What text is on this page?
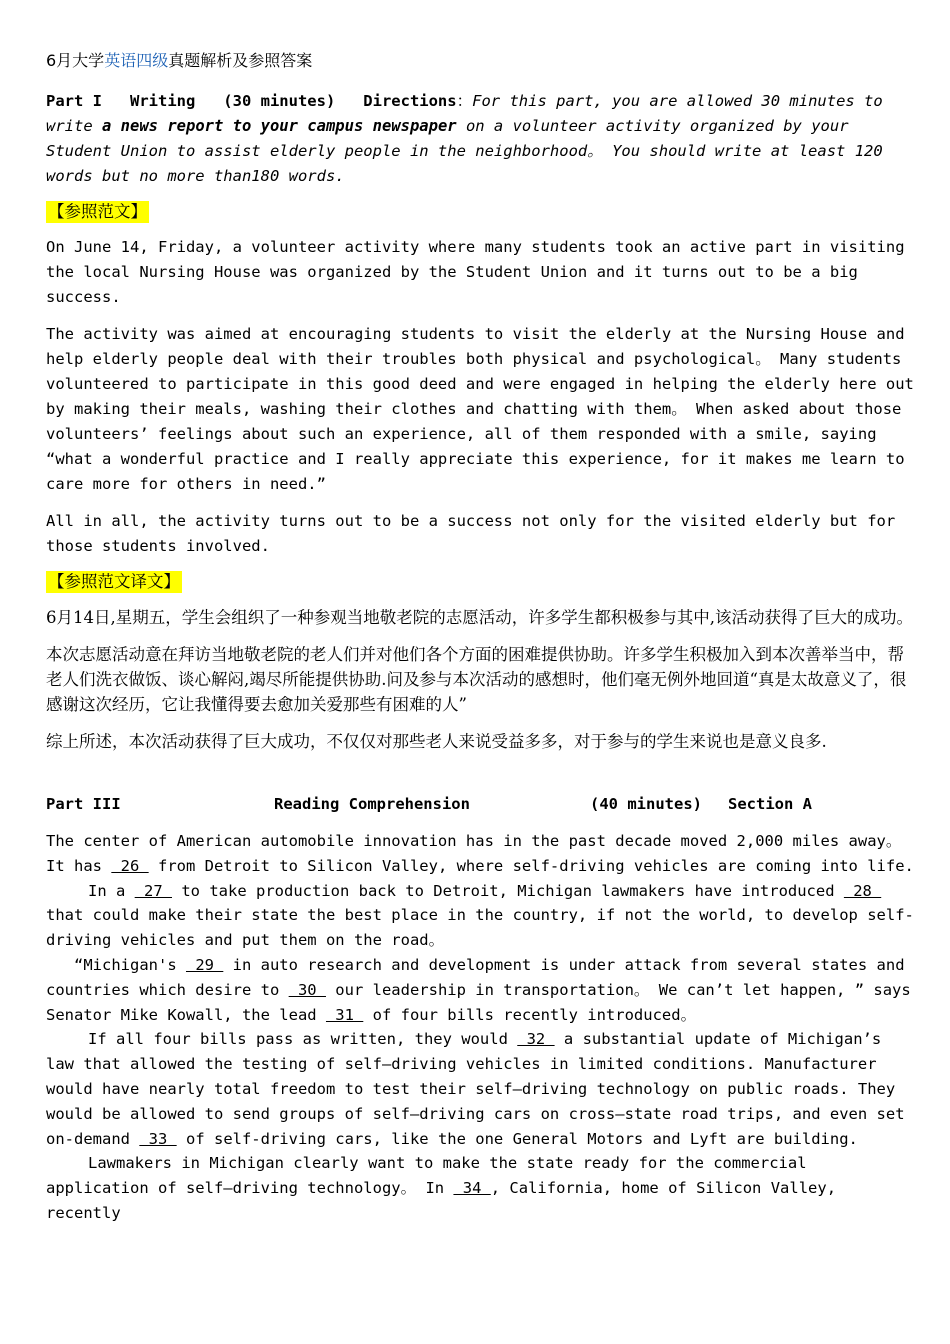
6月大学英语四级真题解析及参照答案

Part I   Writing   (30 minutes)   Directions：For this part, you are allowed 30 minutes to write a news report to your campus newspaper on a volunteer activity organized by your Student Union to assist elderly people in the neighborhood。 You should write at least 120 words but no more than180 words.

【参照范文】

On June 14, Friday, a volunteer activity where many students took an active part in visiting the local Nursing House was organized by the Student Union and it turns out to be a big success.

The activity was aimed at encouraging students to visit the elderly at the Nursing House and help elderly people deal with their troubles both physical and psychological。 Many students volunteered to participate in this good deed and were engaged in helping the elderly here out by making their meals, washing their clothes and chatting with them。 When asked about those volunteers’ feelings about such an experience, all of them responded with a smile, saying “what a wonderful practice and I really appreciate this experience, for it makes me learn to care more for others in need.”

All in all, the activity turns out to be a success not only for the visited elderly but for those students involved.

【参照范文译文】

6月14日,星期五，学生会组织了一种参观当地敬老院的志愿活动，许多学生都积极参与其中,该活动获得了巨大的成功。

本次志愿活动意在拜访当地敬老院的老人们并对他们各个方面的困难提供协助。许多学生积极加入到本次善举当中，帮老人们洗衣做饭、谈心解闷,竭尽所能提供协助.问及参与本次活动的感想时，他们毫无例外地回道“真是太故意义了，很感谢这次经历，它让我懂得要去愈加关爱那些有困难的人”

综上所述，本次活动获得了巨大成功，不仅仅对那些老人来说受益多多，对于参与的学生来说也是意义良多.

Part III	Reading Comprehension	(40 minutes)	Section A

The center of American automobile innovation has in the past decade moved 2,000 miles away。 It has  26  from Detroit to Silicon Valley, where self-driving vehicles are coming into life.

In a  27  to take production back to Detroit, Michigan lawmakers have introduced  28  that could make their state the best place in the country, if not the world, to develop self-driving vehicles and put them on the road。

“Michigan's  29  in auto research and development is under attack from several states and countries which desire to  30  our leadership in transportation。 We can’t let happen, ” says Senator Mike Kowall, the lead  31  of four bills recently introduced。

If all four bills pass as written, they would  32  a substantial update of Michigan’s law that allowed the testing of self—driving vehicles in limited conditions. Manufacturer would have nearly total freedom to test their self—driving technology on public roads. They would be allowed to send groups of self—driving cars on cross—state road trips, and even set on-demand  33  of self-driving cars, like the one General Motors and Lyft are building.

Lawmakers in Michigan clearly want to make the state ready for the commercial application of self—driving technology。 In  34 , California, home of Silicon Valley, recently
